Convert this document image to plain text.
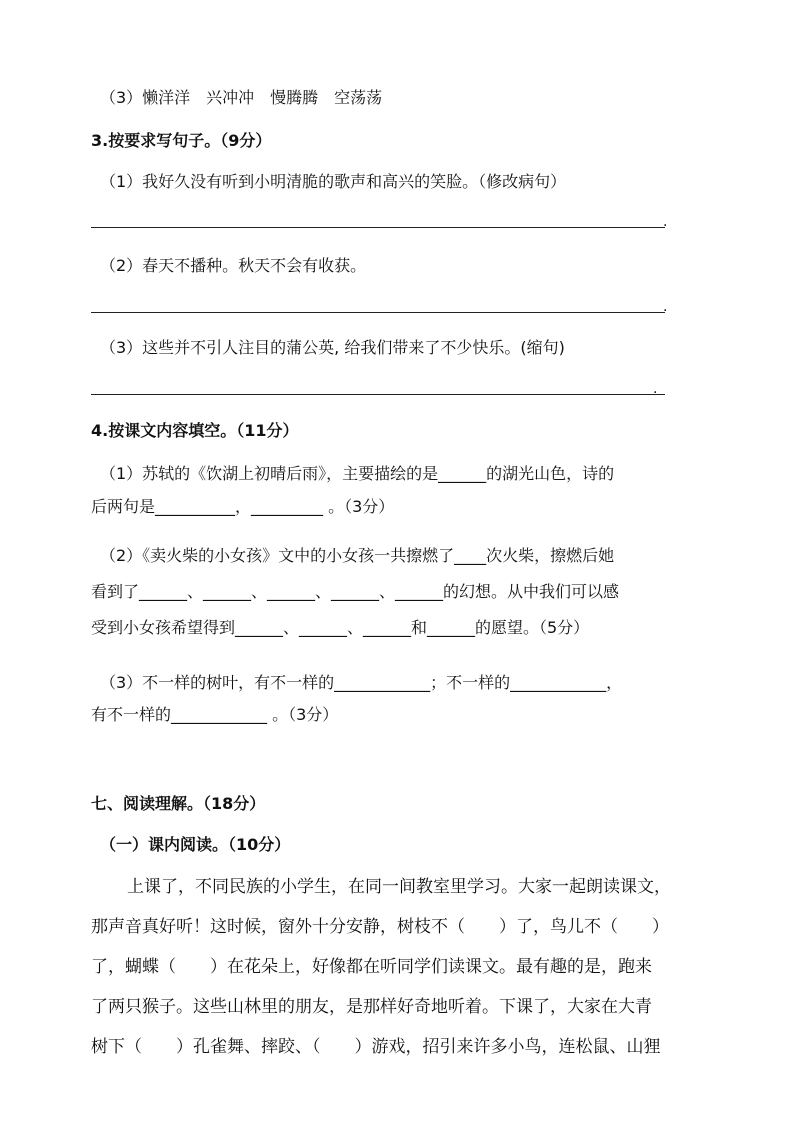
（3）懒洋洋　兴冲冲　慢腾腾　空荡荡
3.按要求写句子。（9分）
（1）我好久没有听到小明清脆的歌声和高兴的笑脸。（修改病句）
.
（2）春天不播种。秋天不会有收获。
.
（3）这些并不引人注目的蒲公英, 给我们带来了不少快乐。(缩句)
.
4.按课文内容填空。（11分）
（1）苏轼的《饮湖上初晴后雨》，主要描绘的是______的湖光山色，诗的
后两句是__________，_________ 。（3分）
（2）《卖火柴的小女孩》文中的小女孩一共擦燃了____次火柴，擦燃后她
看到了______、______、______、______、______的幻想。从中我们可以感
受到小女孩希望得到______、______、______和______的愿望。（5分）
（3）不一样的树叶，有不一样的____________；不一样的____________，
有不一样的____________ 。（3分）
七、阅读理解。（18分）
（一）课内阅读。（10分）
上课了，不同民族的小学生，在同一间教室里学习。大家一起朗读课文，
那声音真好听！这时候，窗外十分安静，树枝不（　　）了，鸟儿不（　　）
了，蝴蝶（　　）在花朵上，好像都在听同学们读课文。最有趣的是，跑来
了两只猴子。这些山林里的朋友，是那样好奇地听着。下课了，大家在大青
树下（　　）孔雀舞、摔跤、（　　）游戏，招引来许多小鸟，连松鼠、山狸
